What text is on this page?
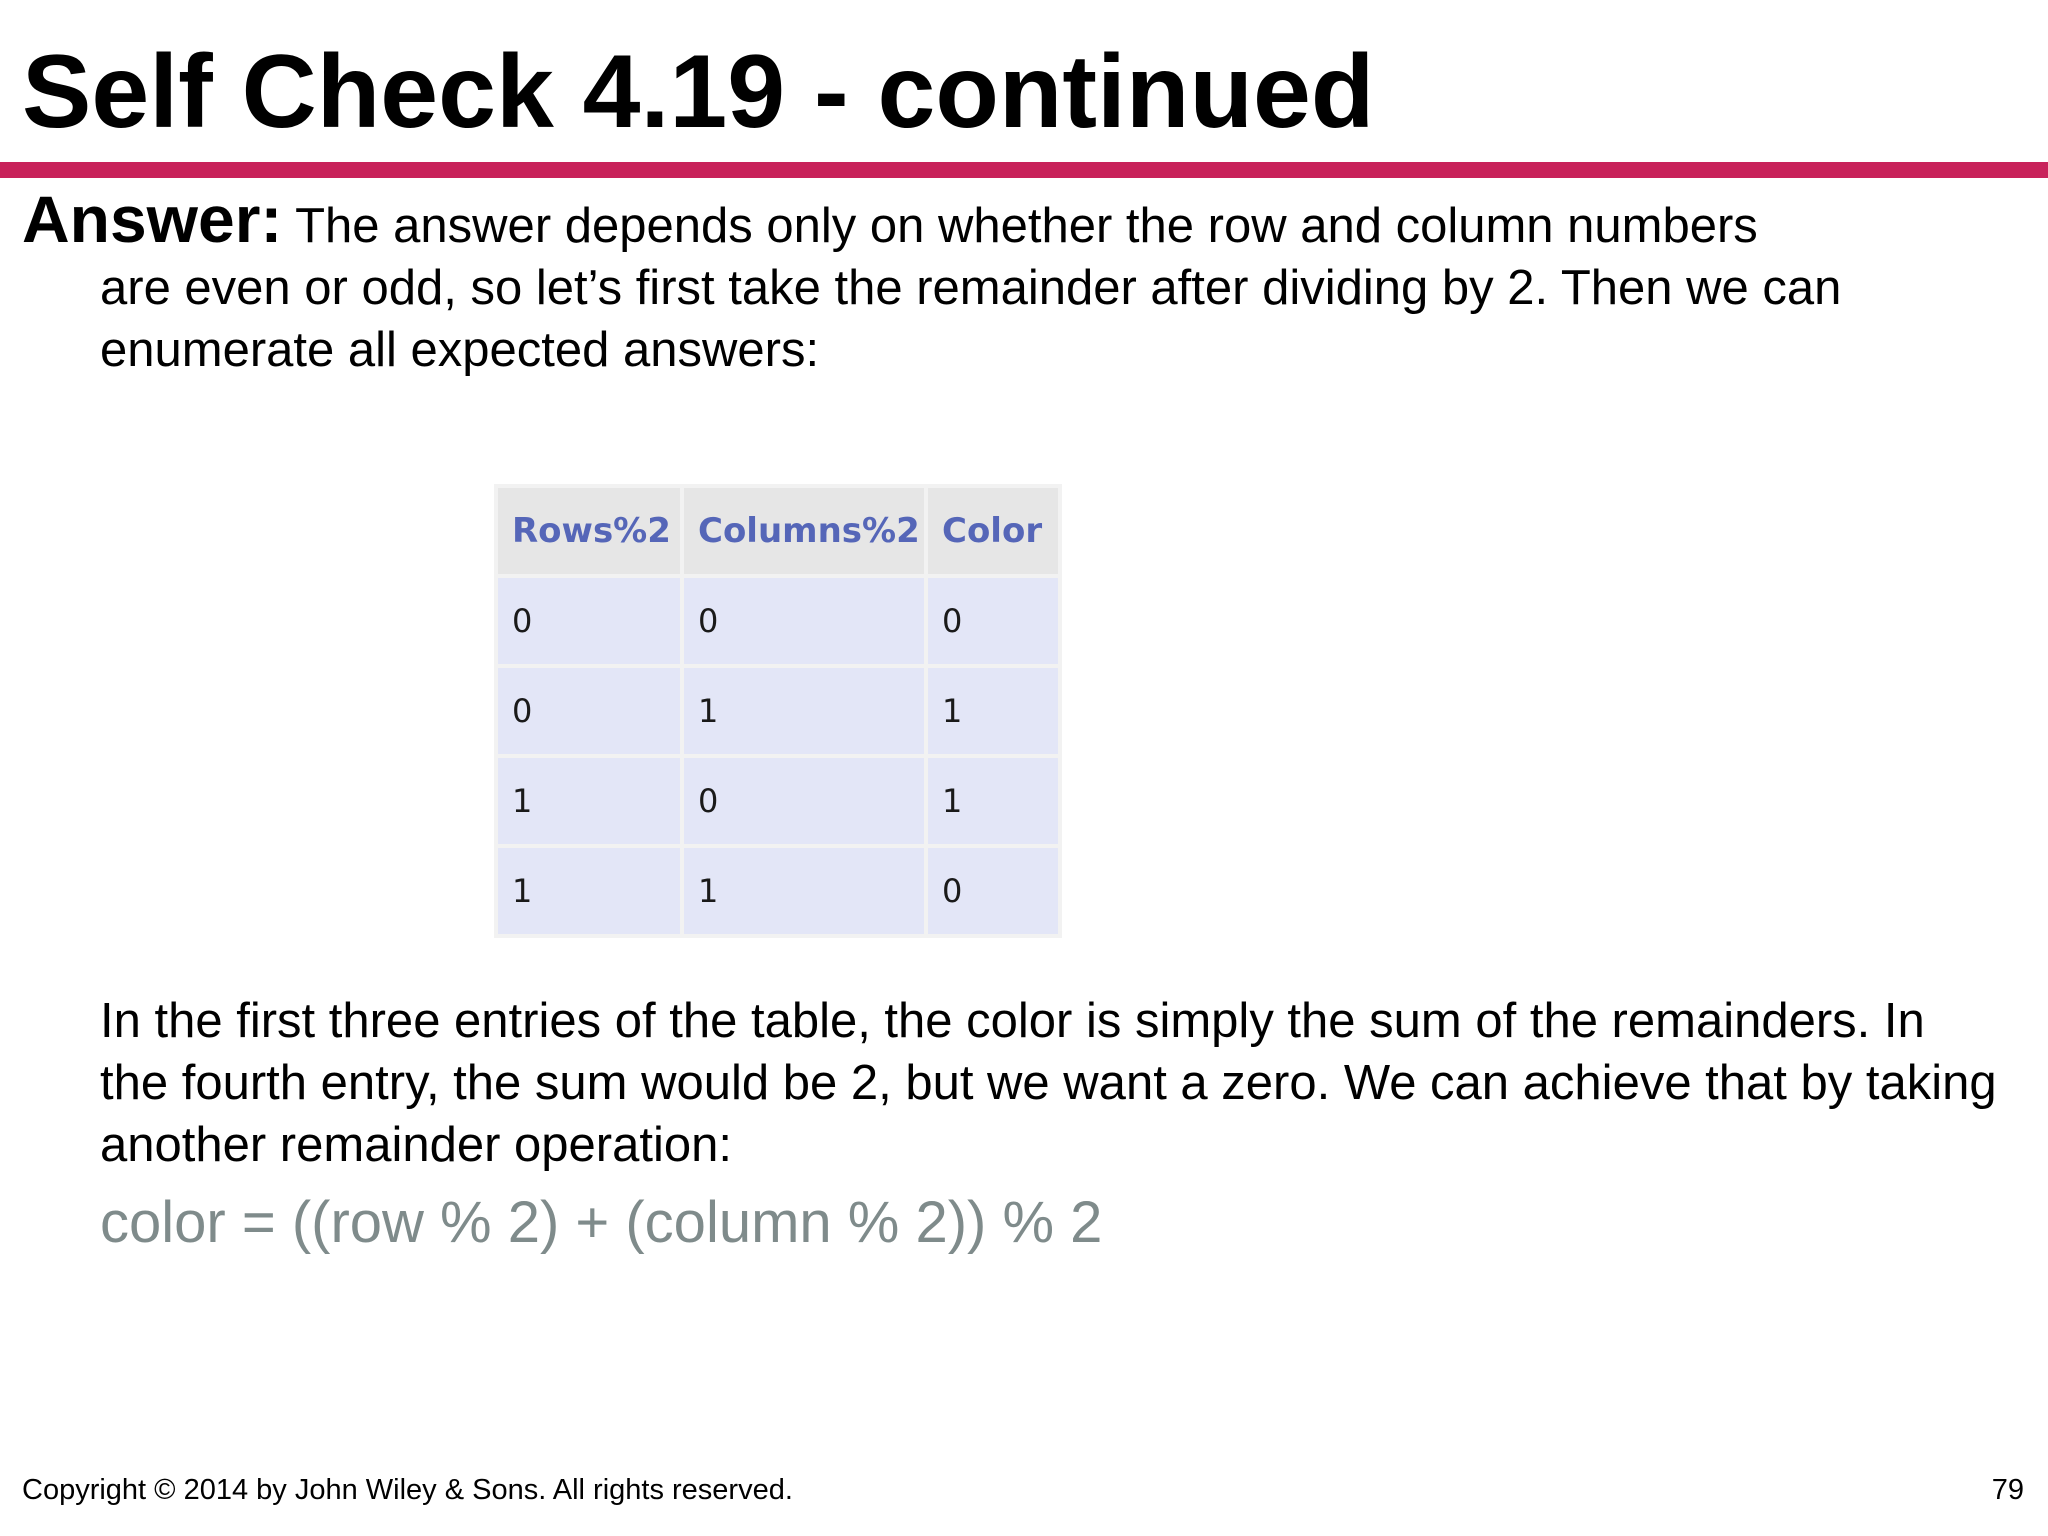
Self Check 4.19 - continued
Answer: The answer depends only on whether the row and column numbers
are even or odd, so let’s first take the remainder after dividing by 2. Then we can enumerate all expected answers:
Rows%2	Columns%2	Color
0	0	0
0	1	1
1	0	1
1	1	0

In the first three entries of the table, the color is simply the sum of the remainders. In the fourth entry, the sum would be 2, but we want a zero. We can achieve that by taking another remainder operation:

color = ((row % 2) + (column % 2)) % 2

Copyright © 2014 by John Wiley & Sons. All rights reserved.	79
